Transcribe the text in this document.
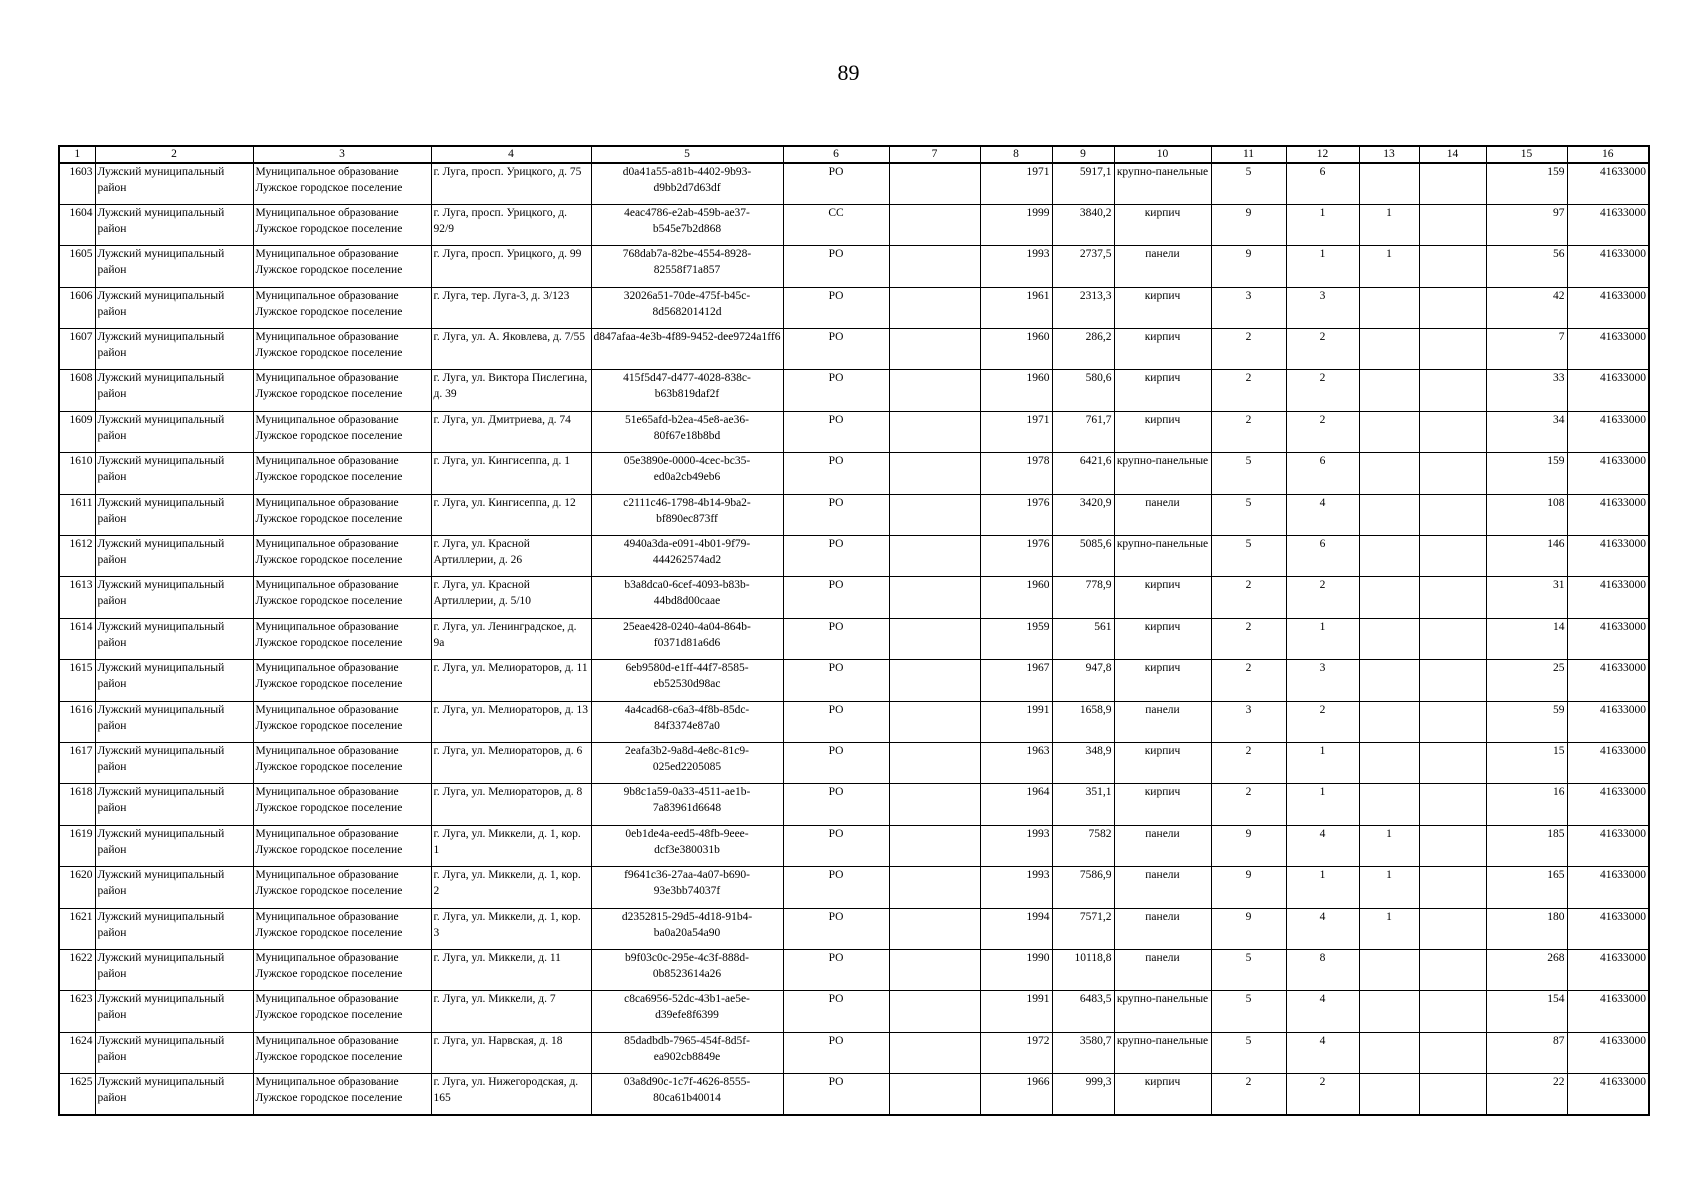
89
1	2	3	4	5	6	7	8	9	10	11	12	13	14	15	16
1603	Лужский муниципальный район	Муниципальное образование Лужское городское поселение	г. Луга, просп. Урицкого, д. 75	d0a41a55-a81b-4402-9b93-d9bb2d7d63df	РО		1971	5917,1	крупно-панельные	5	6			159	41633000
1604	Лужский муниципальный район	Муниципальное образование Лужское городское поселение	г. Луга, просп. Урицкого, д. 92/9	4eac4786-e2ab-459b-ae37-b545e7b2d868	СС		1999	3840,2	кирпич	9	1	1		97	41633000
1605	Лужский муниципальный район	Муниципальное образование Лужское городское поселение	г. Луга, просп. Урицкого, д. 99	768dab7a-82be-4554-8928-82558f71a857	РО		1993	2737,5	панели	9	1	1		56	41633000
1606	Лужский муниципальный район	Муниципальное образование Лужское городское поселение	г. Луга, тер. Луга-3, д. 3/123	32026a51-70de-475f-b45c-8d568201412d	РО		1961	2313,3	кирпич	3	3			42	41633000
1607	Лужский муниципальный район	Муниципальное образование Лужское городское поселение	г. Луга, ул. А. Яковлева, д. 7/55	d847afaa-4e3b-4f89-9452-dee9724a1ff6	РО		1960	286,2	кирпич	2	2			7	41633000
1608	Лужский муниципальный район	Муниципальное образование Лужское городское поселение	г. Луга, ул. Виктора Пислегина, д. 39	415f5d47-d477-4028-838c-b63b819daf2f	РО		1960	580,6	кирпич	2	2			33	41633000
1609	Лужский муниципальный район	Муниципальное образование Лужское городское поселение	г. Луга, ул. Дмитриева, д. 74	51e65afd-b2ea-45e8-ae36-80f67e18b8bd	РО		1971	761,7	кирпич	2	2			34	41633000
1610	Лужский муниципальный район	Муниципальное образование Лужское городское поселение	г. Луга, ул. Кингисеппа, д. 1	05e3890e-0000-4cec-bc35-ed0a2cb49eb6	РО		1978	6421,6	крупно-панельные	5	6			159	41633000
1611	Лужский муниципальный район	Муниципальное образование Лужское городское поселение	г. Луга, ул. Кингисеппа, д. 12	c2111c46-1798-4b14-9ba2-bf890ec873ff	РО		1976	3420,9	панели	5	4			108	41633000
1612	Лужский муниципальный район	Муниципальное образование Лужское городское поселение	г. Луга, ул. Красной Артиллерии, д. 26	4940a3da-e091-4b01-9f79-444262574ad2	РО		1976	5085,6	крупно-панельные	5	6			146	41633000
1613	Лужский муниципальный район	Муниципальное образование Лужское городское поселение	г. Луга, ул. Красной Артиллерии, д. 5/10	b3a8dca0-6cef-4093-b83b-44bd8d00caae	РО		1960	778,9	кирпич	2	2			31	41633000
1614	Лужский муниципальный район	Муниципальное образование Лужское городское поселение	г. Луга, ул. Ленинградское, д. 9а	25eae428-0240-4a04-864b-f0371d81a6d6	РО		1959	561	кирпич	2	1			14	41633000
1615	Лужский муниципальный район	Муниципальное образование Лужское городское поселение	г. Луга, ул. Мелиораторов, д. 11	6eb9580d-e1ff-44f7-8585-eb52530d98ac	РО		1967	947,8	кирпич	2	3			25	41633000
1616	Лужский муниципальный район	Муниципальное образование Лужское городское поселение	г. Луга, ул. Мелиораторов, д. 13	4a4cad68-c6a3-4f8b-85dc-84f3374e87a0	РО		1991	1658,9	панели	3	2			59	41633000
1617	Лужский муниципальный район	Муниципальное образование Лужское городское поселение	г. Луга, ул. Мелиораторов, д. 6	2eafa3b2-9a8d-4e8c-81c9-025ed2205085	РО		1963	348,9	кирпич	2	1			15	41633000
1618	Лужский муниципальный район	Муниципальное образование Лужское городское поселение	г. Луга, ул. Мелиораторов, д. 8	9b8c1a59-0a33-4511-ae1b-7a83961d6648	РО		1964	351,1	кирпич	2	1			16	41633000
1619	Лужский муниципальный район	Муниципальное образование Лужское городское поселение	г. Луга, ул. Миккели, д. 1, кор. 1	0eb1de4a-eed5-48fb-9eee-dcf3e380031b	РО		1993	7582	панели	9	4	1		185	41633000
1620	Лужский муниципальный район	Муниципальное образование Лужское городское поселение	г. Луга, ул. Миккели, д. 1, кор. 2	f9641c36-27aa-4a07-b690-93e3bb74037f	РО		1993	7586,9	панели	9	1	1		165	41633000
1621	Лужский муниципальный район	Муниципальное образование Лужское городское поселение	г. Луга, ул. Миккели, д. 1, кор. 3	d2352815-29d5-4d18-91b4-ba0a20a54a90	РО		1994	7571,2	панели	9	4	1		180	41633000
1622	Лужский муниципальный район	Муниципальное образование Лужское городское поселение	г. Луга, ул. Миккели, д. 11	b9f03c0c-295e-4c3f-888d-0b8523614a26	РО		1990	10118,8	панели	5	8			268	41633000
1623	Лужский муниципальный район	Муниципальное образование Лужское городское поселение	г. Луга, ул. Миккели, д. 7	c8ca6956-52dc-43b1-ae5e-d39efe8f6399	РО		1991	6483,5	крупно-панельные	5	4			154	41633000
1624	Лужский муниципальный район	Муниципальное образование Лужское городское поселение	г. Луга, ул. Нарвская, д. 18	85dadbdb-7965-454f-8d5f-ea902cb8849e	РО		1972	3580,7	крупно-панельные	5	4			87	41633000
1625	Лужский муниципальный район	Муниципальное образование Лужское городское поселение	г. Луга, ул. Нижегородская, д. 165	03a8d90c-1c7f-4626-8555-80ca61b40014	РО		1966	999,3	кирпич	2	2			22	41633000
